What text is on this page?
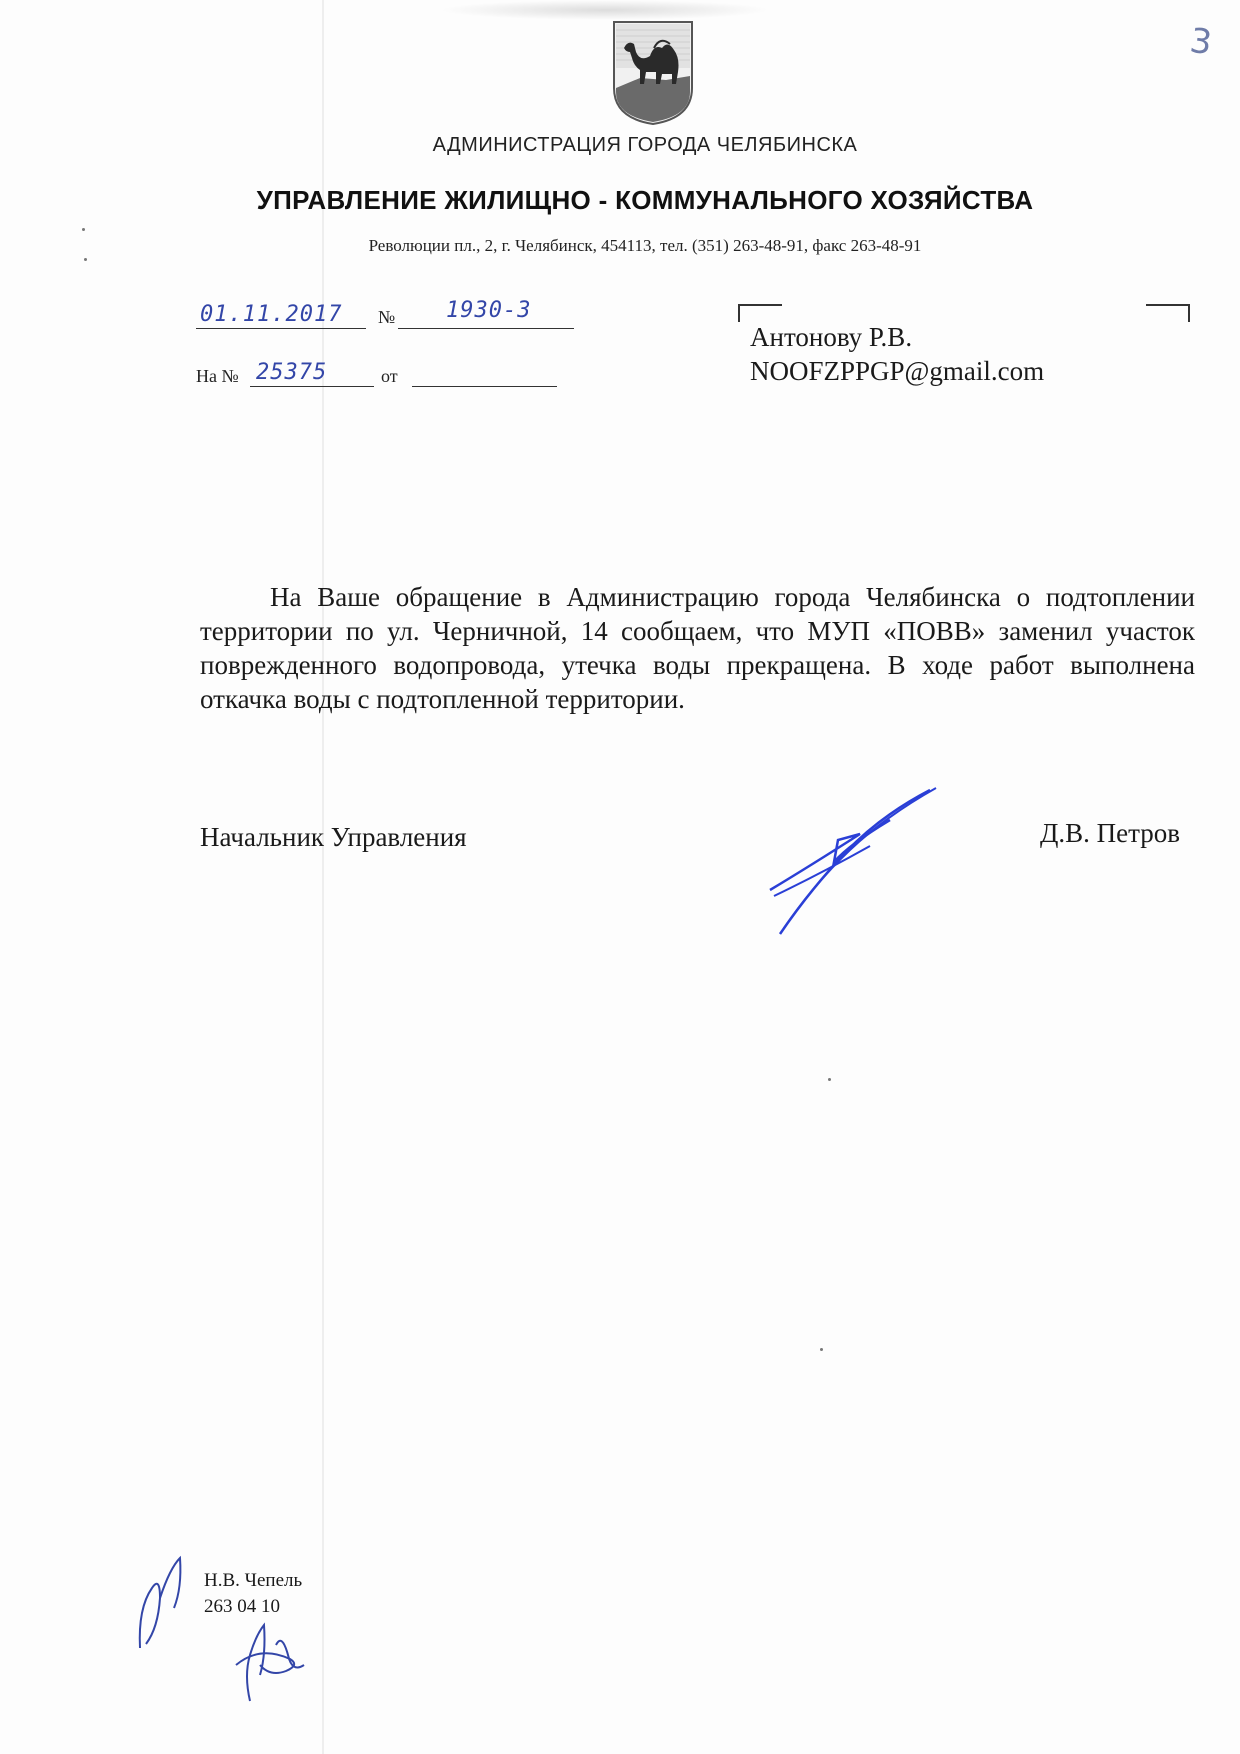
3
АДМИНИСТРАЦИЯ ГОРОДА ЧЕЛЯБИНСКА
УПРАВЛЕНИЕ ЖИЛИЩНО - КОММУНАЛЬНОГО ХОЗЯЙСТВА
Революции пл., 2, г. Челябинск, 454113, тел. (351) 263-48-91, факс 263-48-91
01.11.2017 № 1930-3
На № 25375	от
Антонову Р.В.
NOOFZPPGP@gmail.com
На Ваше обращение в Администрацию города Челябинска о подтоплении территории по ул. Черничной, 14 сообщаем, что МУП «ПОВВ» заменил участок поврежденного водопровода, утечка воды прекращена. В ходе работ выполнена откачка воды с подтопленной территории.
Начальник Управления	Д.В. Петров
Н.В. Чепель
263 04 10
